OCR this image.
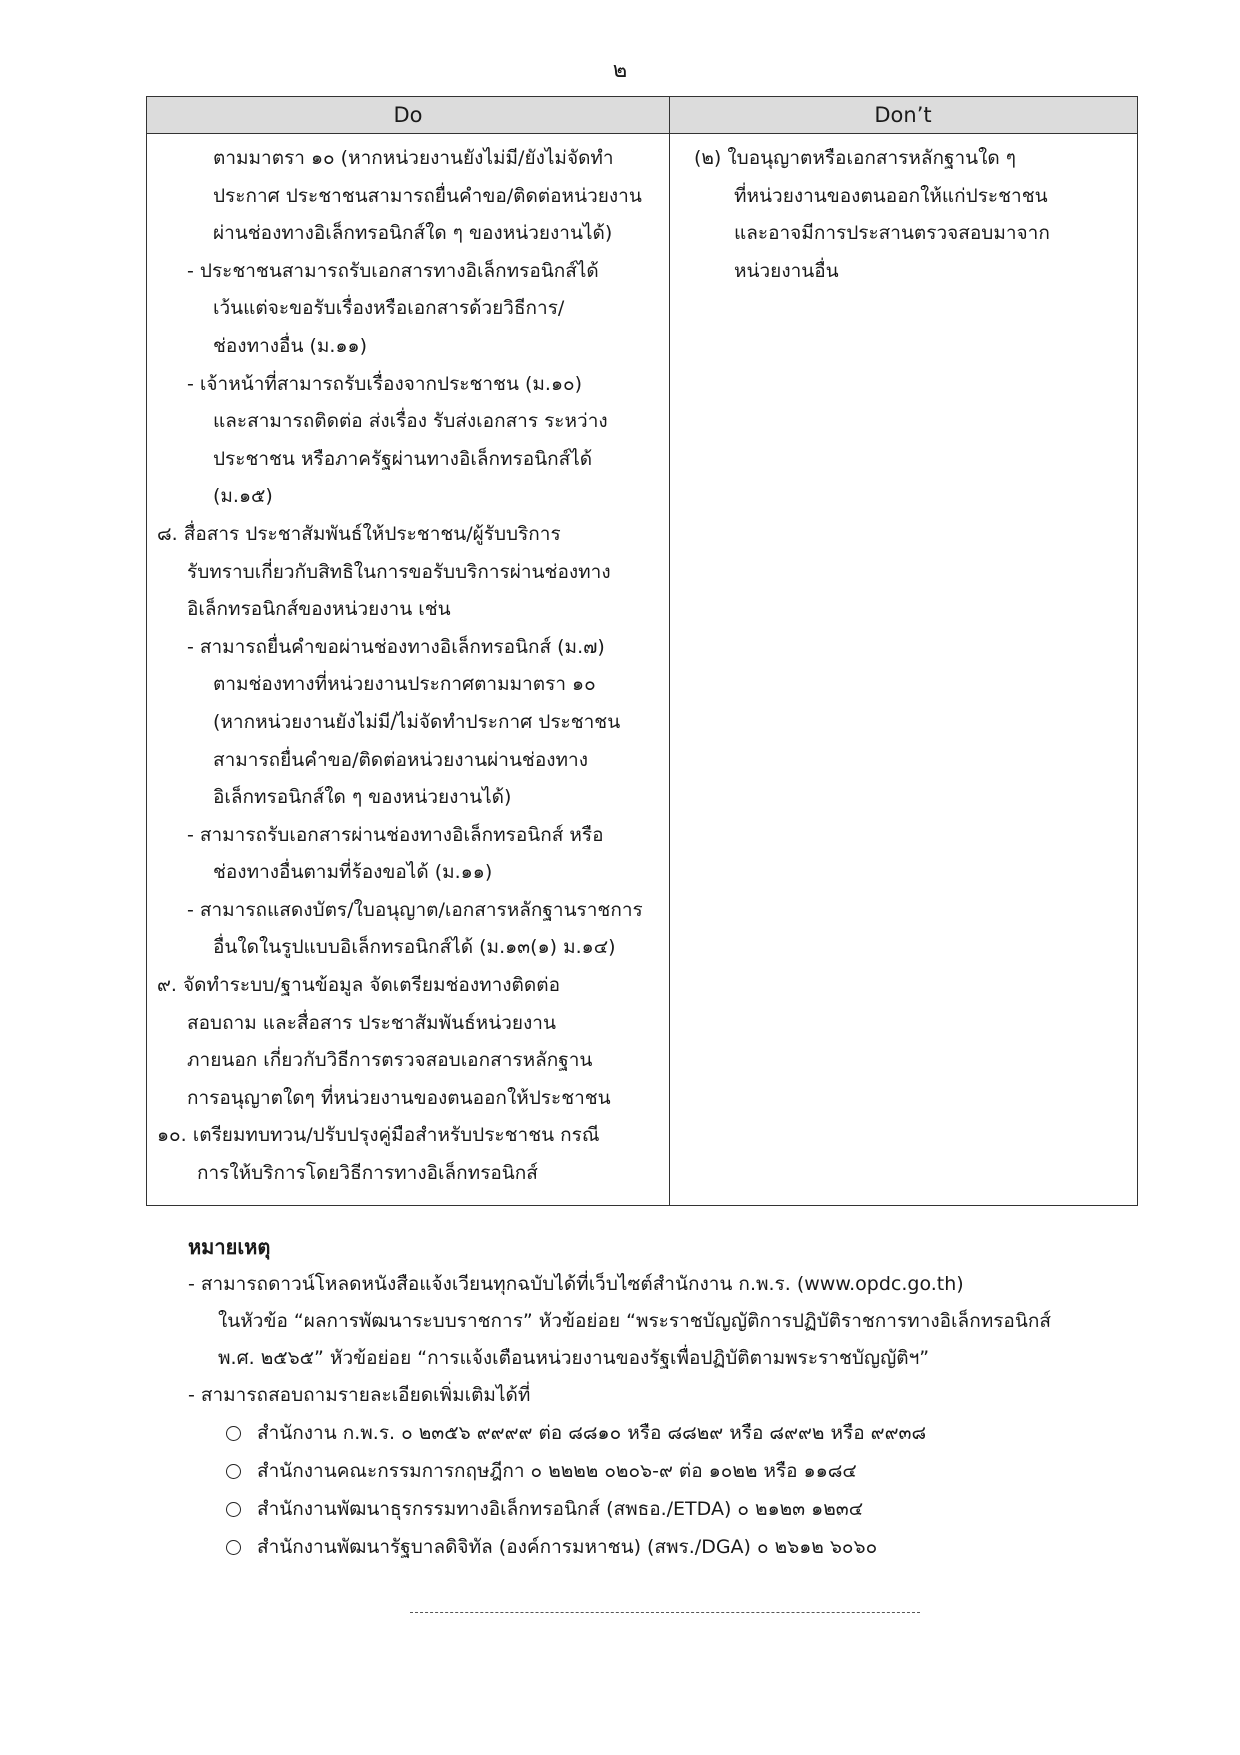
๒
Do	Don’t
ตามมาตรา ๑๐ (หากหน่วยงานยังไม่มี/ยังไม่จัดทำ
ประกาศ ประชาชนสามารถยื่นคำขอ/ติดต่อหน่วยงาน
ผ่านช่องทางอิเล็กทรอนิกส์ใด ๆ ของหน่วยงานได้)
- ประชาชนสามารถรับเอกสารทางอิเล็กทรอนิกส์ได้
เว้นแต่จะขอรับเรื่องหรือเอกสารด้วยวิธีการ/
ช่องทางอื่น (ม.๑๑)
- เจ้าหน้าที่สามารถรับเรื่องจากประชาชน (ม.๑๐)
และสามารถติดต่อ ส่งเรื่อง รับส่งเอกสาร ระหว่าง
ประชาชน หรือภาครัฐผ่านทางอิเล็กทรอนิกส์ได้
(ม.๑๕)
๘. สื่อสาร ประชาสัมพันธ์ให้ประชาชน/ผู้รับบริการ
รับทราบเกี่ยวกับสิทธิในการขอรับบริการผ่านช่องทาง
อิเล็กทรอนิกส์ของหน่วยงาน เช่น
- สามารถยื่นคำขอผ่านช่องทางอิเล็กทรอนิกส์ (ม.๗)
ตามช่องทางที่หน่วยงานประกาศตามมาตรา ๑๐
(หากหน่วยงานยังไม่มี/ไม่จัดทำประกาศ ประชาชน
สามารถยื่นคำขอ/ติดต่อหน่วยงานผ่านช่องทาง
อิเล็กทรอนิกส์ใด ๆ ของหน่วยงานได้)
- สามารถรับเอกสารผ่านช่องทางอิเล็กทรอนิกส์ หรือ
ช่องทางอื่นตามที่ร้องขอได้ (ม.๑๑)
- สามารถแสดงบัตร/ใบอนุญาต/เอกสารหลักฐานราชการ
อื่นใดในรูปแบบอิเล็กทรอนิกส์ได้ (ม.๑๓(๑) ม.๑๔)
๙. จัดทำระบบ/ฐานข้อมูล จัดเตรียมช่องทางติดต่อ
สอบถาม และสื่อสาร ประชาสัมพันธ์หน่วยงาน
ภายนอก เกี่ยวกับวิธีการตรวจสอบเอกสารหลักฐาน
การอนุญาตใดๆ ที่หน่วยงานของตนออกให้ประชาชน
๑๐. เตรียมทบทวน/ปรับปรุงคู่มือสำหรับประชาชน กรณี
การให้บริการโดยวิธีการทางอิเล็กทรอนิกส์
(๒) ใบอนุญาตหรือเอกสารหลักฐานใด ๆ
ที่หน่วยงานของตนออกให้แก่ประชาชน
และอาจมีการประสานตรวจสอบมาจาก
หน่วยงานอื่น
หมายเหตุ
- สามารถดาวน์โหลดหนังสือแจ้งเวียนทุกฉบับได้ที่เว็บไซต์สำนักงาน ก.พ.ร. (www.opdc.go.th)
ในหัวข้อ “ผลการพัฒนาระบบราชการ” หัวข้อย่อย “พระราชบัญญัติการปฏิบัติราชการทางอิเล็กทรอนิกส์
พ.ศ. ๒๕๖๕” หัวข้อย่อย “การแจ้งเตือนหน่วยงานของรัฐเพื่อปฏิบัติตามพระราชบัญญัติฯ”
- สามารถสอบถามรายละเอียดเพิ่มเติมได้ที่
สำนักงาน ก.พ.ร. ๐ ๒๓๕๖ ๙๙๙๙ ต่อ ๘๘๑๐ หรือ ๘๘๒๙ หรือ ๘๙๙๒ หรือ ๙๙๓๘
สำนักงานคณะกรรมการกฤษฎีกา ๐ ๒๒๒๒ ๐๒๐๖-๙ ต่อ ๑๐๒๒ หรือ ๑๑๘๔
สำนักงานพัฒนาธุรกรรมทางอิเล็กทรอนิกส์ (สพธอ./ETDA) ๐ ๒๑๒๓ ๑๒๓๔
สำนักงานพัฒนารัฐบาลดิจิทัล (องค์การมหาชน) (สพร./DGA) ๐ ๒๖๑๒ ๖๐๖๐
